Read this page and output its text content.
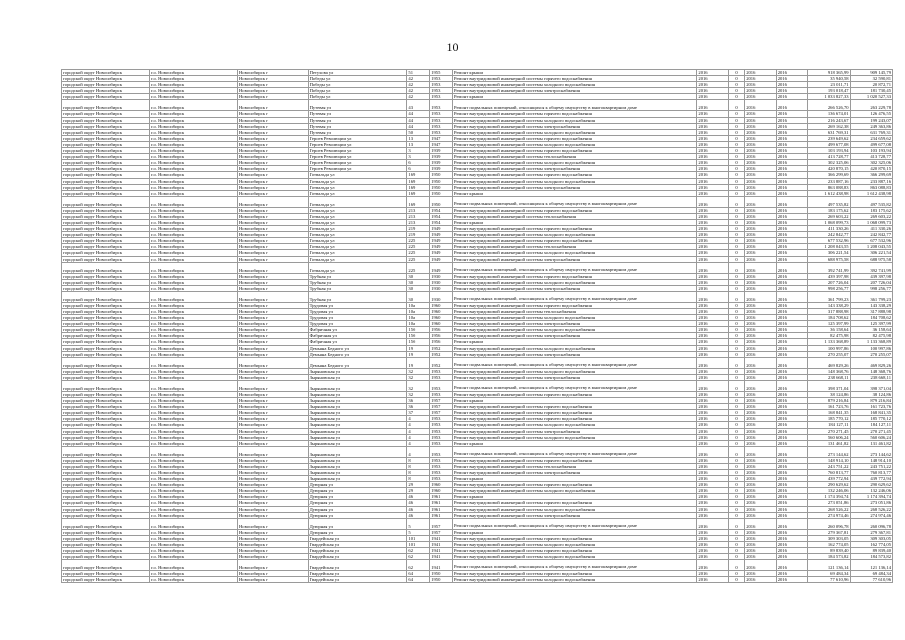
10
городской округ Новосибирск	г.о. Новосибирск	Новосибирск г	Петухова ул	51	1955	Ремонт крыши	2016	0	2016	2016	918 365,99	909 145,79
городской округ Новосибирск	г.о. Новосибирск	Новосибирск г	Победы ул	42	1953	Ремонт внутридомовой инженерной системы горячего водоснабжения	2016	0	2016	2016	35 940,58	32 590,81
городской округ Новосибирск	г.о. Новосибирск	Новосибирск г	Победы ул	42	1953	Ремонт внутридомовой инженерной системы холодного водоснабжения	2016	0	2016	2016	23 011,71	20 872,71
городской округ Новосибирск	г.о. Новосибирск	Новосибирск г	Победы ул	42	1953	Ремонт внутридомовой инженерной системы электроснабжения	2016	0	2016	2016	193 018,47	181 730,45
городской округ Новосибирск	г.о. Новосибирск	Новосибирск г	Победы ул	42	1953	Ремонт крыши	2016	0	2016	2016	1 033 827,33	1 020 527,33
городской округ Новосибирск	г.о. Новосибирск	Новосибирск г	Путевая ул	43	1953	Ремонт подвальных помещений, относящихся к общему имуществу в многоквартирном доме	2016	0	2016	2016	266 526,70	263 229,78
городской округ Новосибирск	г.о. Новосибирск	Новосибирск г	Путевая ул	44	1953	Ремонт внутридомовой инженерной системы горячего водоснабжения	2016	0	2016	2016	136 674,01	126 476,55
городской округ Новосибирск	г.о. Новосибирск	Новосибирск г	Путевая ул	44	1953	Ремонт внутридомовой инженерной системы холодного водоснабжения	2016	0	2016	2016	216 243,67	199 243,07
городской округ Новосибирск	г.о. Новосибирск	Новосибирск г	Путевая ул	44	1953	Ремонт внутридомовой инженерной системы электроснабжения	2016	0	2016	2016	269 162,38	249 363,86
городской округ Новосибирск	г.о. Новосибирск	Новосибирск г	Путевая ул	50	1953	Ремонт внутридомовой инженерной системы холодного водоснабжения	2016	0	2016	2016	631 769,31	631 769,31
городской округ Новосибирск	г.о. Новосибирск	Новосибирск г	Героев Революции ул	13	1947	Ремонт внутридомовой инженерной системы горячего водоснабжения	2016	0	2016	2016	239 649,62	234 659,62
городской округ Новосибирск	г.о. Новосибирск	Новосибирск г	Героев Революции ул	13	1947	Ремонт внутридомовой инженерной системы холодного водоснабжения	2016	0	2016	2016	499 677,08	499 677,08
городской округ Новосибирск	г.о. Новосибирск	Новосибирск г	Героев Революции ул	3	1939	Ремонт внутридомовой инженерной системы горячего водоснабжения	2016	0	2016	2016	103 193,94	103 193,94
городской округ Новосибирск	г.о. Новосибирск	Новосибирск г	Героев Революции ул	3	1939	Ремонт внутридомовой инженерной системы теплоснабжения	2016	0	2016	2016	413 728,77	413 728,77
городской округ Новосибирск	г.о. Новосибирск	Новосибирск г	Героев Революции ул	6	1939	Ремонт внутридомовой инженерной системы холодного водоснабжения	2016	0	2016	2016	302 325,06	302 325,06
городской округ Новосибирск	г.о. Новосибирск	Новосибирск г	Героев Революции ул	6	1939	Ремонт внутридомовой инженерной системы электроснабжения	2016	0	2016	2016	420 870,15	420 870,15
городской округ Новосибирск	г.о. Новосибирск	Новосибирск г	Готвальда ул	169	1950	Ремонт внутридомовой инженерной системы горячего водоснабжения	2016	0	2016	2016	366 299,69	366 299,69
городской округ Новосибирск	г.о. Новосибирск	Новосибирск г	Готвальда ул	169	1950	Ремонт внутридомовой инженерной системы холодного водоснабжения	2016	0	2016	2016	233 887,16	233 887,16
городской округ Новосибирск	г.о. Новосибирск	Новосибирск г	Готвальда ул	169	1950	Ремонт внутридомовой инженерной системы электроснабжения	2016	0	2016	2016	863 088,83	863 088,83
городской округ Новосибирск	г.о. Новосибирск	Новосибирск г	Готвальда ул	169	1950	Ремонт крыши	2016	0	2016	2016	1 612 438,98	1 612 438,98
городской округ Новосибирск	г.о. Новосибирск	Новосибирск г	Готвальда ул	169	1950	Ремонт подвальных помещений, относящихся к общему имуществу в многоквартирном доме	2016	0	2016	2016	497 535,82	497 535,82
городской округ Новосибирск	г.о. Новосибирск	Новосибирск г	Готвальда ул	213	1954	Ремонт внутридомовой инженерной системы горячего водоснабжения	2016	0	2016	2016	183 175,62	183 175,62
городской округ Новосибирск	г.о. Новосибирск	Новосибирск г	Готвальда ул	213	1954	Ремонт внутридомовой инженерной системы теплоснабжения	2016	0	2016	2016	269 603,22	269 603,22
городской округ Новосибирск	г.о. Новосибирск	Новосибирск г	Готвальда ул	213	1954	Ремонт крыши	2016	0	2016	2016	1 068 099,73	1 068 099,73
городской округ Новосибирск	г.о. Новосибирск	Новосибирск г	Готвальда ул	219	1949	Ремонт внутридомовой инженерной системы горячего водоснабжения	2016	0	2016	2016	411 330,26	411 330,26
городской округ Новосибирск	г.о. Новосибирск	Новосибирск г	Готвальда ул	219	1949	Ремонт внутридомовой инженерной системы холодного водоснабжения	2016	0	2016	2016	242 842,77	242 842,77
городской округ Новосибирск	г.о. Новосибирск	Новосибирск г	Готвальда ул	225	1949	Ремонт внутридомовой инженерной системы горячего водоснабжения	2016	0	2016	2016	677 532,96	677 532,96
городской округ Новосибирск	г.о. Новосибирск	Новосибирск г	Готвальда ул	225	1949	Ремонт внутридомовой инженерной системы теплоснабжения	2016	0	2016	2016	1 208 043,55	1 208 043,55
городской округ Новосибирск	г.о. Новосибирск	Новосибирск г	Готвальда ул	225	1949	Ремонт внутридомовой инженерной системы холодного водоснабжения	2016	0	2016	2016	306 221,54	306 221,54
городской округ Новосибирск	г.о. Новосибирск	Новосибирск г	Готвальда ул	225	1949	Ремонт внутридомовой инженерной системы электроснабжения	2016	0	2016	2016	688 975,58	688 975,58
городской округ Новосибирск	г.о. Новосибирск	Новосибирск г	Готвальда ул	225	1949	Ремонт подвальных помещений, относящихся к общему имуществу в многоквартирном доме	2016	0	2016	2016	392 741,99	392 741,99
городской округ Новосибирск	г.о. Новосибирск	Новосибирск г	Трубная ул	30	1930	Ремонт внутридомовой инженерной системы горячего водоснабжения	2016	0	2016	2016	439 397,98	439 397,98
городской округ Новосибирск	г.о. Новосибирск	Новосибирск г	Трубная ул	30	1930	Ремонт внутридомовой инженерной системы холодного водоснабжения	2016	0	2016	2016	207 726,04	207 726,04
городской округ Новосибирск	г.о. Новосибирск	Новосибирск г	Трубная ул	30	1930	Ремонт внутридомовой инженерной системы электроснабжения	2016	0	2016	2016	998 256,77	998 256,77
городской округ Новосибирск	г.о. Новосибирск	Новосибирск г	Трубная ул	30	1930	Ремонт подвальных помещений, относящихся к общему имуществу в многоквартирном доме	2016	0	2016	2016	361 799,23	361 799,23
городской округ Новосибирск	г.о. Новосибирск	Новосибирск г	Трудовая ул	10а	1960	Ремонт внутридомовой инженерной системы горячего водоснабжения	2016	0	2016	2016	143 338,29	143 338,29
городской округ Новосибирск	г.о. Новосибирск	Новосибирск г	Трудовая ул	10а	1960	Ремонт внутридомовой инженерной системы теплоснабжения	2016	0	2016	2016	317 888,98	317 888,98
городской округ Новосибирск	г.о. Новосибирск	Новосибирск г	Трудовая ул	10а	1960	Ремонт внутридомовой инженерной системы холодного водоснабжения	2016	0	2016	2016	184 708,62	184 708,62
городской округ Новосибирск	г.о. Новосибирск	Новосибирск г	Трудовая ул	10а	1960	Ремонт внутридомовой инженерной системы электроснабжения	2016	0	2016	2016	125 397,99	125 397,99
городской округ Новосибирск	г.о. Новосибирск	Новосибирск г	Фабричная ул	15б	1956	Ремонт внутридомовой инженерной системы холодного водоснабжения	2016	0	2016	2016	36 158,64	36 158,64
городской округ Новосибирск	г.о. Новосибирск	Новосибирск г	Фабричная ул	15б	1956	Ремонт внутридомовой инженерной системы электроснабжения	2016	0	2016	2016	82 475,98	82 475,98
городской округ Новосибирск	г.о. Новосибирск	Новосибирск г	Фабричная ул	15б	1956	Ремонт крыши	2016	0	2016	2016	1 133 368,89	1 133 368,89
городской округ Новосибирск	г.о. Новосибирск	Новосибирск г	Демьяна Бедного ул	19	1952	Ремонт внутридомовой инженерной системы холодного водоснабжения	2016	0	2016	2016	100 997,86	100 997,86
городской округ Новосибирск	г.о. Новосибирск	Новосибирск г	Демьяна Бедного ул	19	1952	Ремонт внутридомовой инженерной системы электроснабжения	2016	0	2016	2016	270 255,07	270 255,07
городской округ Новосибирск	г.о. Новосибирск	Новосибирск г	Демьяна Бедного ул	19	1952	Ремонт подвальных помещений, относящихся к общему имуществу в многоквартирном доме	2016	0	2016	2016	469 829,26	469 829,26
городской округ Новосибирск	г.о. Новосибирск	Новосибирск г	Зыряновская ул	32	1953	Ремонт внутридомовой инженерной системы холодного водоснабжения	2016	0	2016	2016	148 368,76	148 368,76
городской округ Новосибирск	г.о. Новосибирск	Новосибирск г	Зыряновская ул	32	1953	Ремонт внутридомовой инженерной системы электроснабжения	2016	0	2016	2016	238 668,11	238 668,11
городской округ Новосибирск	г.о. Новосибирск	Новосибирск г	Зыряновская ул	32	1953	Ремонт подвальных помещений, относящихся к общему имуществу в многоквартирном доме	2016	0	2016	2016	398 371,04	398 371,04
городской округ Новосибирск	г.о. Новосибирск	Новосибирск г	Зыряновская ул	32	1953	Ремонт внутридомовой инженерной системы горячего водоснабжения	2016	0	2016	2016	38 124,86	38 124,86
городской округ Новосибирск	г.о. Новосибирск	Новосибирск г	Зыряновская ул	36	1957	Ремонт крыши	2016	0	2016	2016	879 216,84	879 216,84
городской округ Новосибирск	г.о. Новосибирск	Новосибирск г	Зыряновская ул	36	1957	Ремонт внутридомовой инженерной системы горячего водоснабжения	2016	0	2016	2016	161 723,76	161 723,76
городской округ Новосибирск	г.о. Новосибирск	Новосибирск г	Зыряновская ул	37	1957	Ремонт внутридомовой инженерной системы горячего водоснабжения	2016	0	2016	2016	168 841,35	168 841,35
городской округ Новосибирск	г.о. Новосибирск	Новосибирск г	Зыряновская ул	4	1953	Ремонт внутридомовой инженерной системы горячего водоснабжения	2016	0	2016	2016	185 770,12	185 770,12
городской округ Новосибирск	г.о. Новосибирск	Новосибирск г	Зыряновская ул	4	1953	Ремонт внутридомовой инженерной системы холодного водоснабжения	2016	0	2016	2016	184 127,11	184 127,11
городской округ Новосибирск	г.о. Новосибирск	Новосибирск г	Зыряновская ул	4	1953	Ремонт внутридомовой инженерной системы электроснабжения	2016	0	2016	2016	270 271,45	270 271,45
городской округ Новосибирск	г.о. Новосибирск	Новосибирск г	Зыряновская ул	4	1953	Ремонт внутридомовой инженерной системы холодного водоснабжения	2016	0	2016	2016	560 606,24	560 606,24
городской округ Новосибирск	г.о. Новосибирск	Новосибирск г	Зыряновская ул	4	1953	Ремонт крыши	2016	0	2016	2016	131 461,82	131 461,82
городской округ Новосибирск	г.о. Новосибирск	Новосибирск г	Зыряновская ул	4	1953	Ремонт подвальных помещений, относящихся к общему имуществу в многоквартирном доме	2016	0	2016	2016	273 144,62	273 144,62
городской округ Новосибирск	г.о. Новосибирск	Новосибирск г	Зыряновская ул	8	1953	Ремонт внутридомовой инженерной системы горячего водоснабжения	2016	0	2016	2016	148 914,10	148 914,10
городской округ Новосибирск	г.о. Новосибирск	Новосибирск г	Зыряновская ул	8	1953	Ремонт внутридомовой инженерной системы теплоснабжения	2016	0	2016	2016	243 751,22	243 751,22
городской округ Новосибирск	г.о. Новосибирск	Новосибирск г	Зыряновская ул	8	1953	Ремонт внутридомовой инженерной системы электроснабжения	2016	0	2016	2016	760 813,77	760 813,77
городской округ Новосибирск	г.о. Новосибирск	Новосибирск г	Зыряновская ул	8	1953	Ремонт крыши	2016	0	2016	2016	439 772,94	439 772,94
городской округ Новосибирск	г.о. Новосибирск	Новосибирск г	Дуюрная ул	29	1960	Ремонт внутридомовой инженерной системы горячего водоснабжения	2016	0	2016	2016	290 629,62	290 629,62
городской округ Новосибирск	г.о. Новосибирск	Новосибирск г	Дуюрная ул	29	1960	Ремонт внутридомовой инженерной системы холодного водоснабжения	2016	0	2016	2016	132 246,06	132 246,06
городской округ Новосибирск	г.о. Новосибирск	Новосибирск г	Дуюрная ул	46	1961	Ремонт крыши	2016	0	2016	2016	1 174 394,74	1 174 394,74
городской округ Новосибирск	г.о. Новосибирск	Новосибирск г	Дуюрная ул	46	1961	Ремонт внутридомовой инженерной системы горячего водоснабжения	2016	0	2016	2016	273 051,86	273 051,86
городской округ Новосибирск	г.о. Новосибирск	Новосибирск г	Дуюрная ул	46	1961	Ремонт внутридомовой инженерной системы холодного водоснабжения	2016	0	2016	2016	268 526,22	268 526,22
городской округ Новосибирск	г.о. Новосибирск	Новосибирск г	Дуюрная ул	46	1961	Ремонт внутридомовой инженерной системы электроснабжения	2016	0	2016	2016	274 974,46	274 974,46
городской округ Новосибирск	г.о. Новосибирск	Новосибирск г	Дуюрная ул	5	1957	Ремонт подвальных помещений, относящихся к общему имуществу в многоквартирном доме	2016	0	2016	2016	260 096,78	260 096,78
городской округ Новосибирск	г.о. Новосибирск	Новосибирск г	Дуюрная ул	5	1957	Ремонт крыши	2016	0	2016	2016	279 367,81	279 367,81
городской округ Новосибирск	г.о. Новосибирск	Новосибирск г	Гвардейская ул	101	1941	Ремонт внутридомовой инженерной системы горячего водоснабжения	2016	0	2016	2016	309 303,05	309 303,05
городской округ Новосибирск	г.о. Новосибирск	Новосибирск г	Гвардейская ул	101	1941	Ремонт внутридомовой инженерной системы холодного водоснабжения	2016	0	2016	2016	162 774,05	162 774,05
городской округ Новосибирск	г.о. Новосибирск	Новосибирск г	Гвардейская ул	62	1941	Ремонт внутридомовой инженерной системы горячего водоснабжения	2016	0	2016	2016	89 839,40	89 839,40
городской округ Новосибирск	г.о. Новосибирск	Новосибирск г	Гвардейская ул	62	1941	Ремонт внутридомовой инженерной системы холодного водоснабжения	2016	0	2016	2016	184 573,82	184 573,82
городской округ Новосибирск	г.о. Новосибирск	Новосибирск г	Гвардейская ул	62	1941	Ремонт подвальных помещений, относящихся к общему имуществу в многоквартирном доме	2016	0	2016	2016	121 136,14	121 136,14
городской округ Новосибирск	г.о. Новосибирск	Новосибирск г	Гвардейская ул	64	1950	Ремонт внутридомовой инженерной системы горячего водоснабжения	2016	0	2016	2016	69 484,34	69 484,34
городской округ Новосибирск	г.о. Новосибирск	Новосибирск г	Гвардейская ул	64	1950	Ремонт внутридомовой инженерной системы холодного водоснабжения	2016	0	2016	2016	77 610,96	77 610,96
